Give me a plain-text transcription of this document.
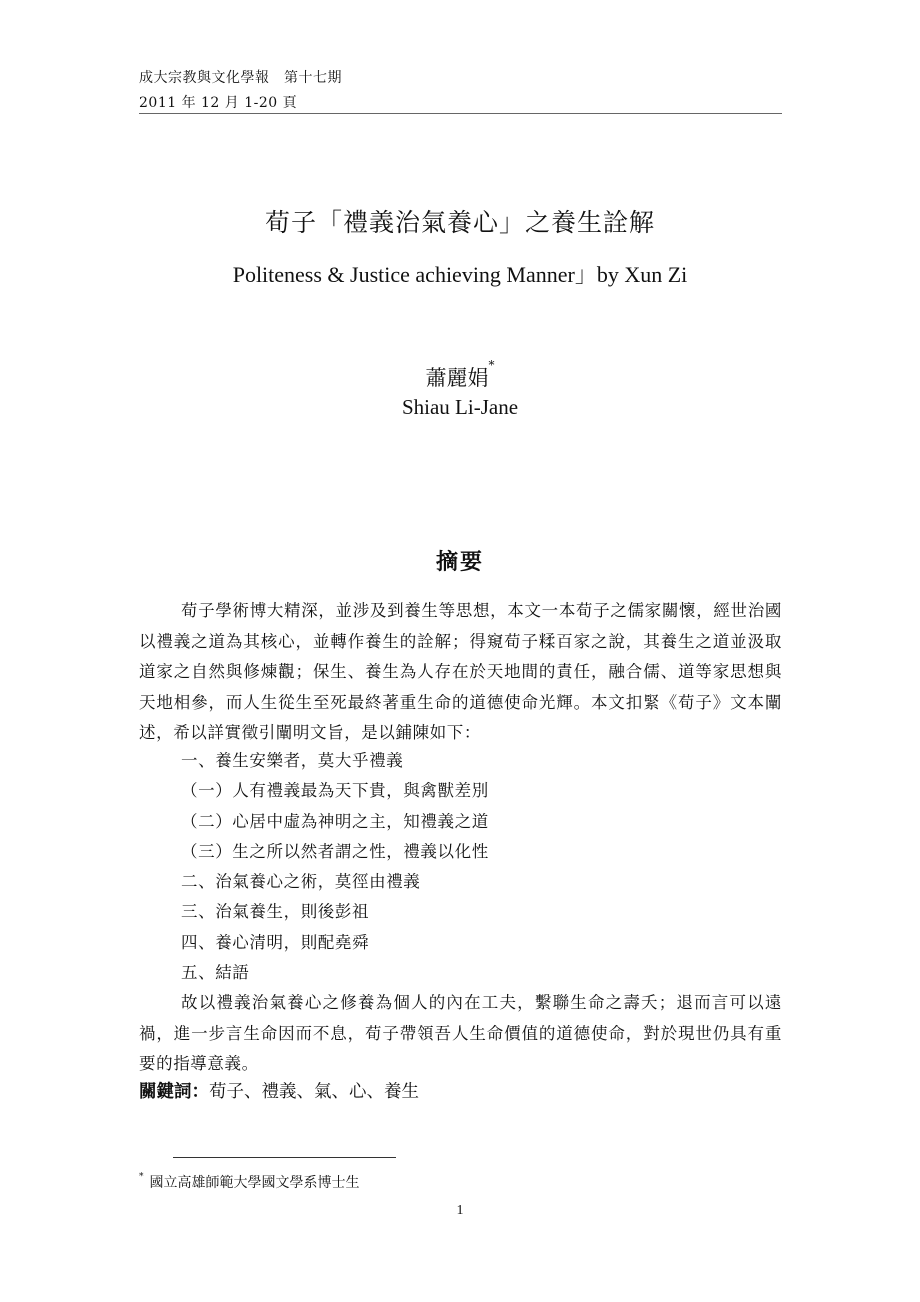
成大宗教與文化學報　第十七期
2011 年 12 月 1-20 頁
荀子「禮義治氣養心」之養生詮解
Politeness & Justice achieving Manner」by Xun Zi
蕭麗娟*
Shiau Li-Jane
摘要
荀子學術博大精深，並涉及到養生等思想，本文一本荀子之儒家關懷，經世治國以禮義之道為其核心，並轉作養生的詮解；得窺荀子糅百家之說，其養生之道並汲取道家之自然與修煉觀；保生、養生為人存在於天地間的責任，融合儒、道等家思想與天地相參，而人生從生至死最終著重生命的道德使命光輝。本文扣緊《荀子》文本闡述，希以詳實徵引闡明文旨，是以鋪陳如下：
一、養生安樂者，莫大乎禮義
（一）人有禮義最為天下貴，與禽獸差別
（二）心居中虛為神明之主，知禮義之道
（三）生之所以然者謂之性，禮義以化性
二、治氣養心之術，莫徑由禮義
三、治氣養生，則後彭祖
四、養心清明，則配堯舜
五、結語
故以禮義治氣養心之修養為個人的內在工夫，繫聯生命之壽夭；退而言可以遠禍，進一步言生命因而不息，荀子帶領吾人生命價值的道德使命，對於現世仍具有重要的指導意義。
關鍵詞：荀子、禮義、氣、心、養生
* 國立高雄師範大學國文學系博士生
1
